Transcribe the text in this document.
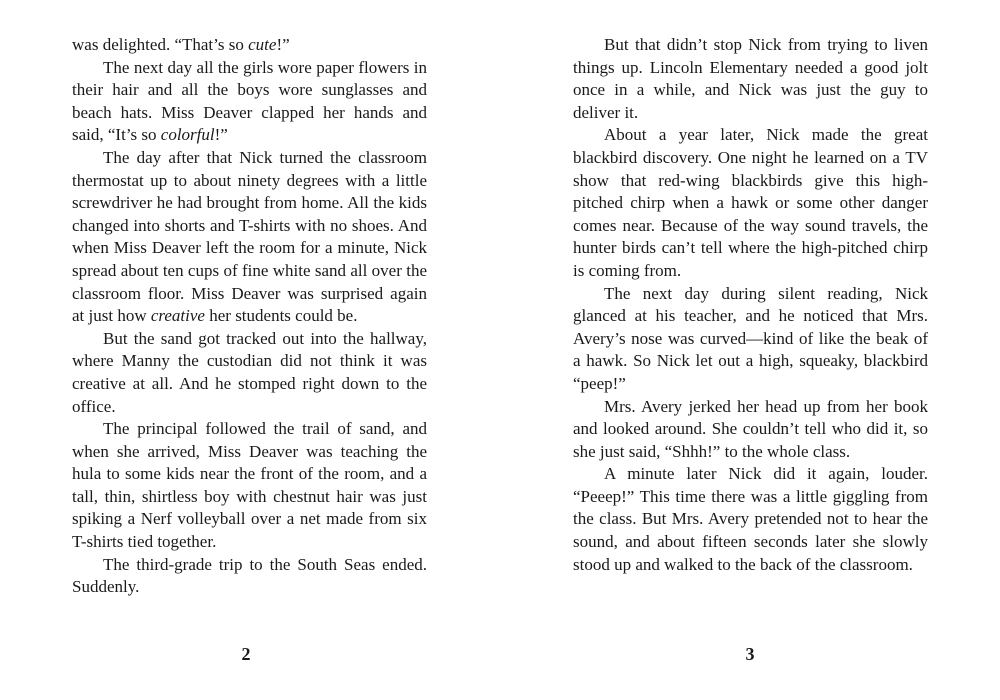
was delighted. “That’s so cute!”

The next day all the girls wore paper flowers in their hair and all the boys wore sunglasses and beach hats. Miss Deaver clapped her hands and said, “It’s so colorful!”

The day after that Nick turned the classroom thermostat up to about ninety degrees with a little screwdriver he had brought from home. All the kids changed into shorts and T-shirts with no shoes. And when Miss Deaver left the room for a minute, Nick spread about ten cups of fine white sand all over the classroom floor. Miss Deaver was surprised again at just how creative her students could be.

But the sand got tracked out into the hallway, where Manny the custodian did not think it was creative at all. And he stomped right down to the office.

The principal followed the trail of sand, and when she arrived, Miss Deaver was teaching the hula to some kids near the front of the room, and a tall, thin, shirtless boy with chestnut hair was just spiking a Nerf volleyball over a net made from six T-shirts tied together.

The third-grade trip to the South Seas ended. Suddenly.

But that didn’t stop Nick from trying to liven things up. Lincoln Elementary needed a good jolt once in a while, and Nick was just the guy to deliver it.

About a year later, Nick made the great blackbird discovery. One night he learned on a TV show that red-wing blackbirds give this high-pitched chirp when a hawk or some other danger comes near. Because of the way sound travels, the hunter birds can’t tell where the high-pitched chirp is coming from.

The next day during silent reading, Nick glanced at his teacher, and he noticed that Mrs. Avery’s nose was curved—kind of like the beak of a hawk. So Nick let out a high, squeaky, blackbird “peep!”

Mrs. Avery jerked her head up from her book and looked around. She couldn’t tell who did it, so she just said, “Shhh!” to the whole class.

A minute later Nick did it again, louder. “Peeep!” This time there was a little giggling from the class. But Mrs. Avery pretended not to hear the sound, and about fifteen seconds later she slowly stood up and walked to the back of the classroom.

2	3
